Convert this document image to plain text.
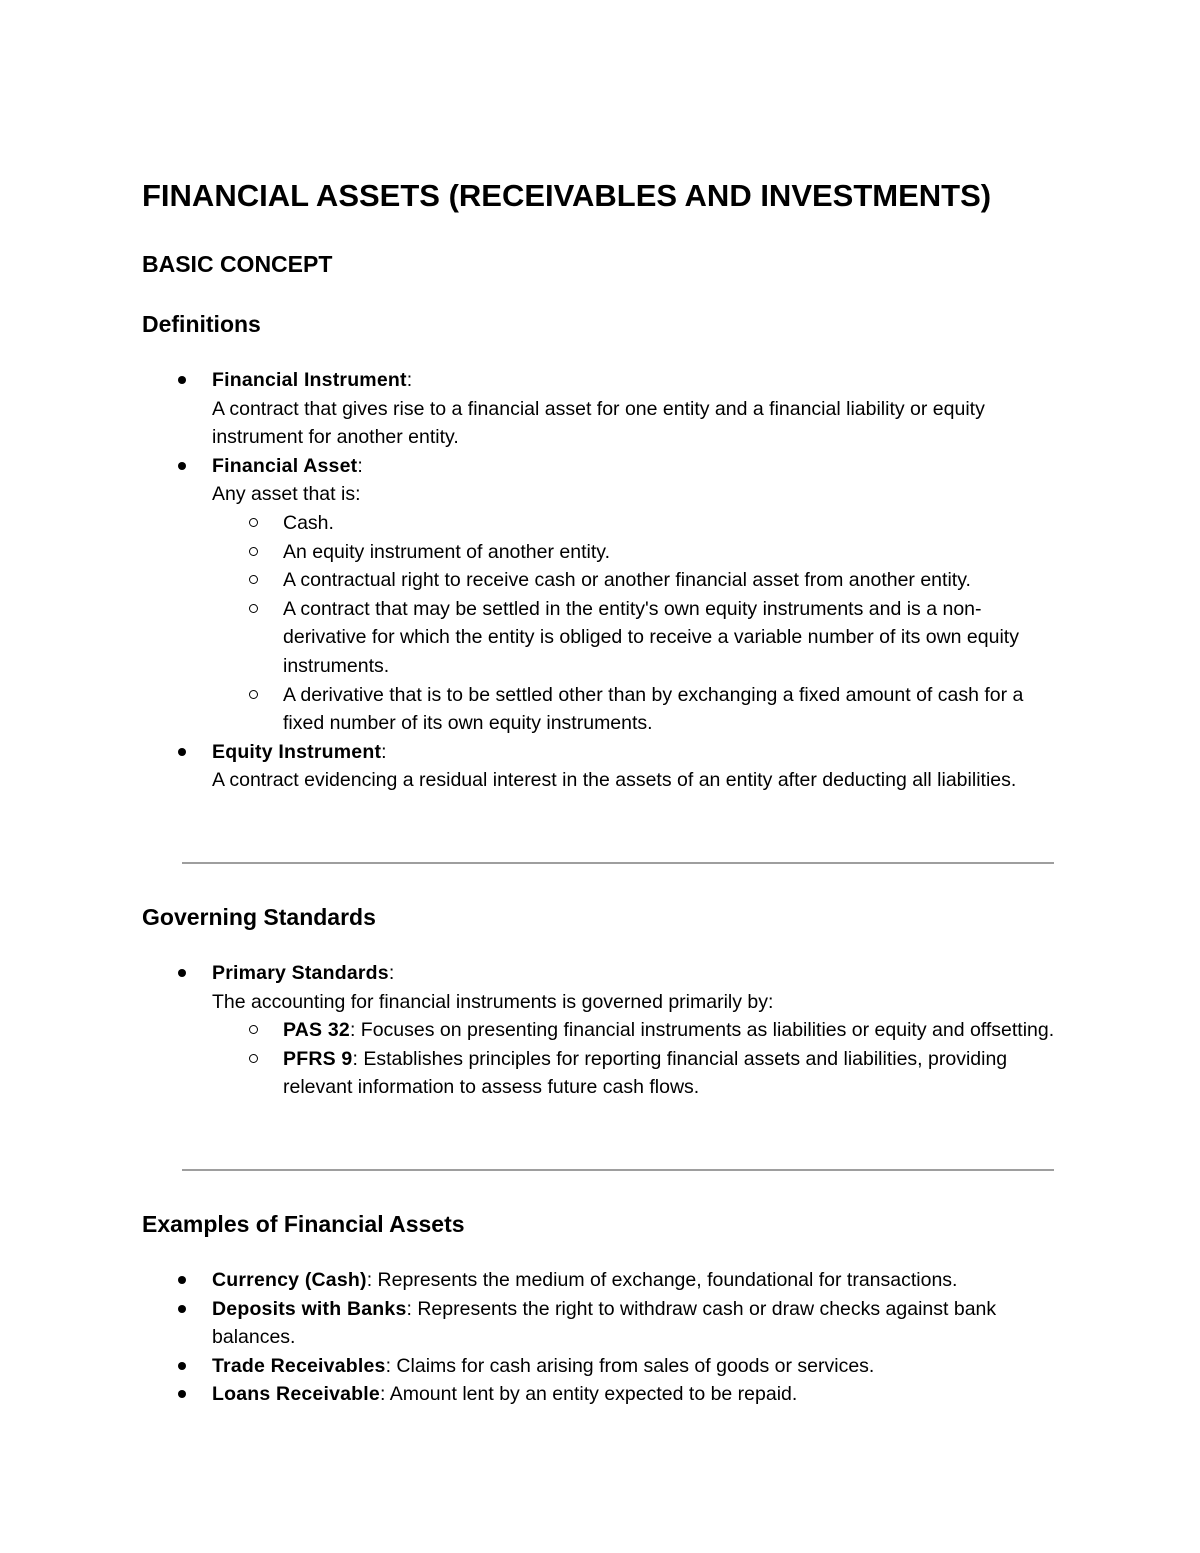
FINANCIAL ASSETS (RECEIVABLES AND INVESTMENTS)
BASIC CONCEPT
Definitions
Financial Instrument:
A contract that gives rise to a financial asset for one entity and a financial liability or equity instrument for another entity.
Financial Asset:
Any asset that is:
Cash.
An equity instrument of another entity.
A contractual right to receive cash or another financial asset from another entity.
A contract that may be settled in the entity's own equity instruments and is a non-derivative for which the entity is obliged to receive a variable number of its own equity instruments.
A derivative that is to be settled other than by exchanging a fixed amount of cash for a fixed number of its own equity instruments.
Equity Instrument:
A contract evidencing a residual interest in the assets of an entity after deducting all liabilities.
Governing Standards
Primary Standards:
The accounting for financial instruments is governed primarily by:
PAS 32: Focuses on presenting financial instruments as liabilities or equity and offsetting.
PFRS 9: Establishes principles for reporting financial assets and liabilities, providing relevant information to assess future cash flows.
Examples of Financial Assets
Currency (Cash): Represents the medium of exchange, foundational for transactions.
Deposits with Banks: Represents the right to withdraw cash or draw checks against bank balances.
Trade Receivables: Claims for cash arising from sales of goods or services.
Loans Receivable: Amount lent by an entity expected to be repaid.
